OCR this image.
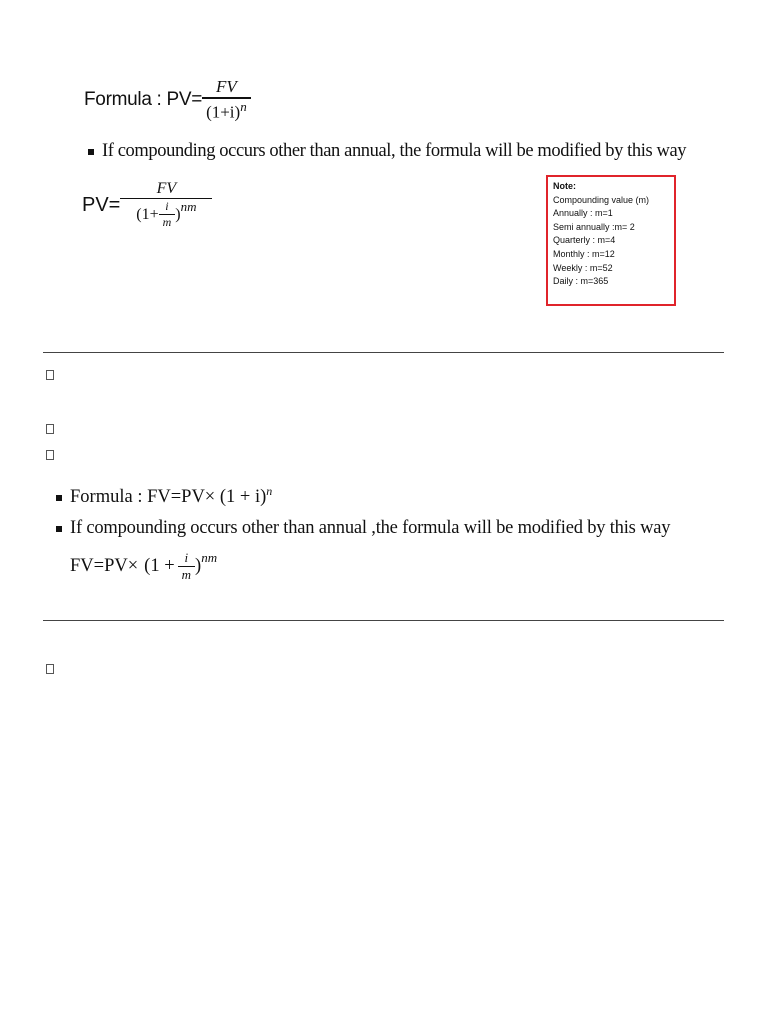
Formula : $PV= \frac{FV}{(1+i)^n}$
If compounding occurs other than annual, the formula will be modified by this way
$PV= \frac{FV}{(1+ \frac{i}{m} )^{nm}}$	Note:
Compounding value (m)
Annually : m=1
Semi annually :m= 2
Quarterly : m=4
Monthly : m=12
Weekly : m=52
Daily : m=365
Formula : $FV=PV\times (1 + i)^n$
If compounding occurs other than annual ,the formula will be modified by this way
$FV=PV\times (1 + \frac{i}{m} )^{nm}$
